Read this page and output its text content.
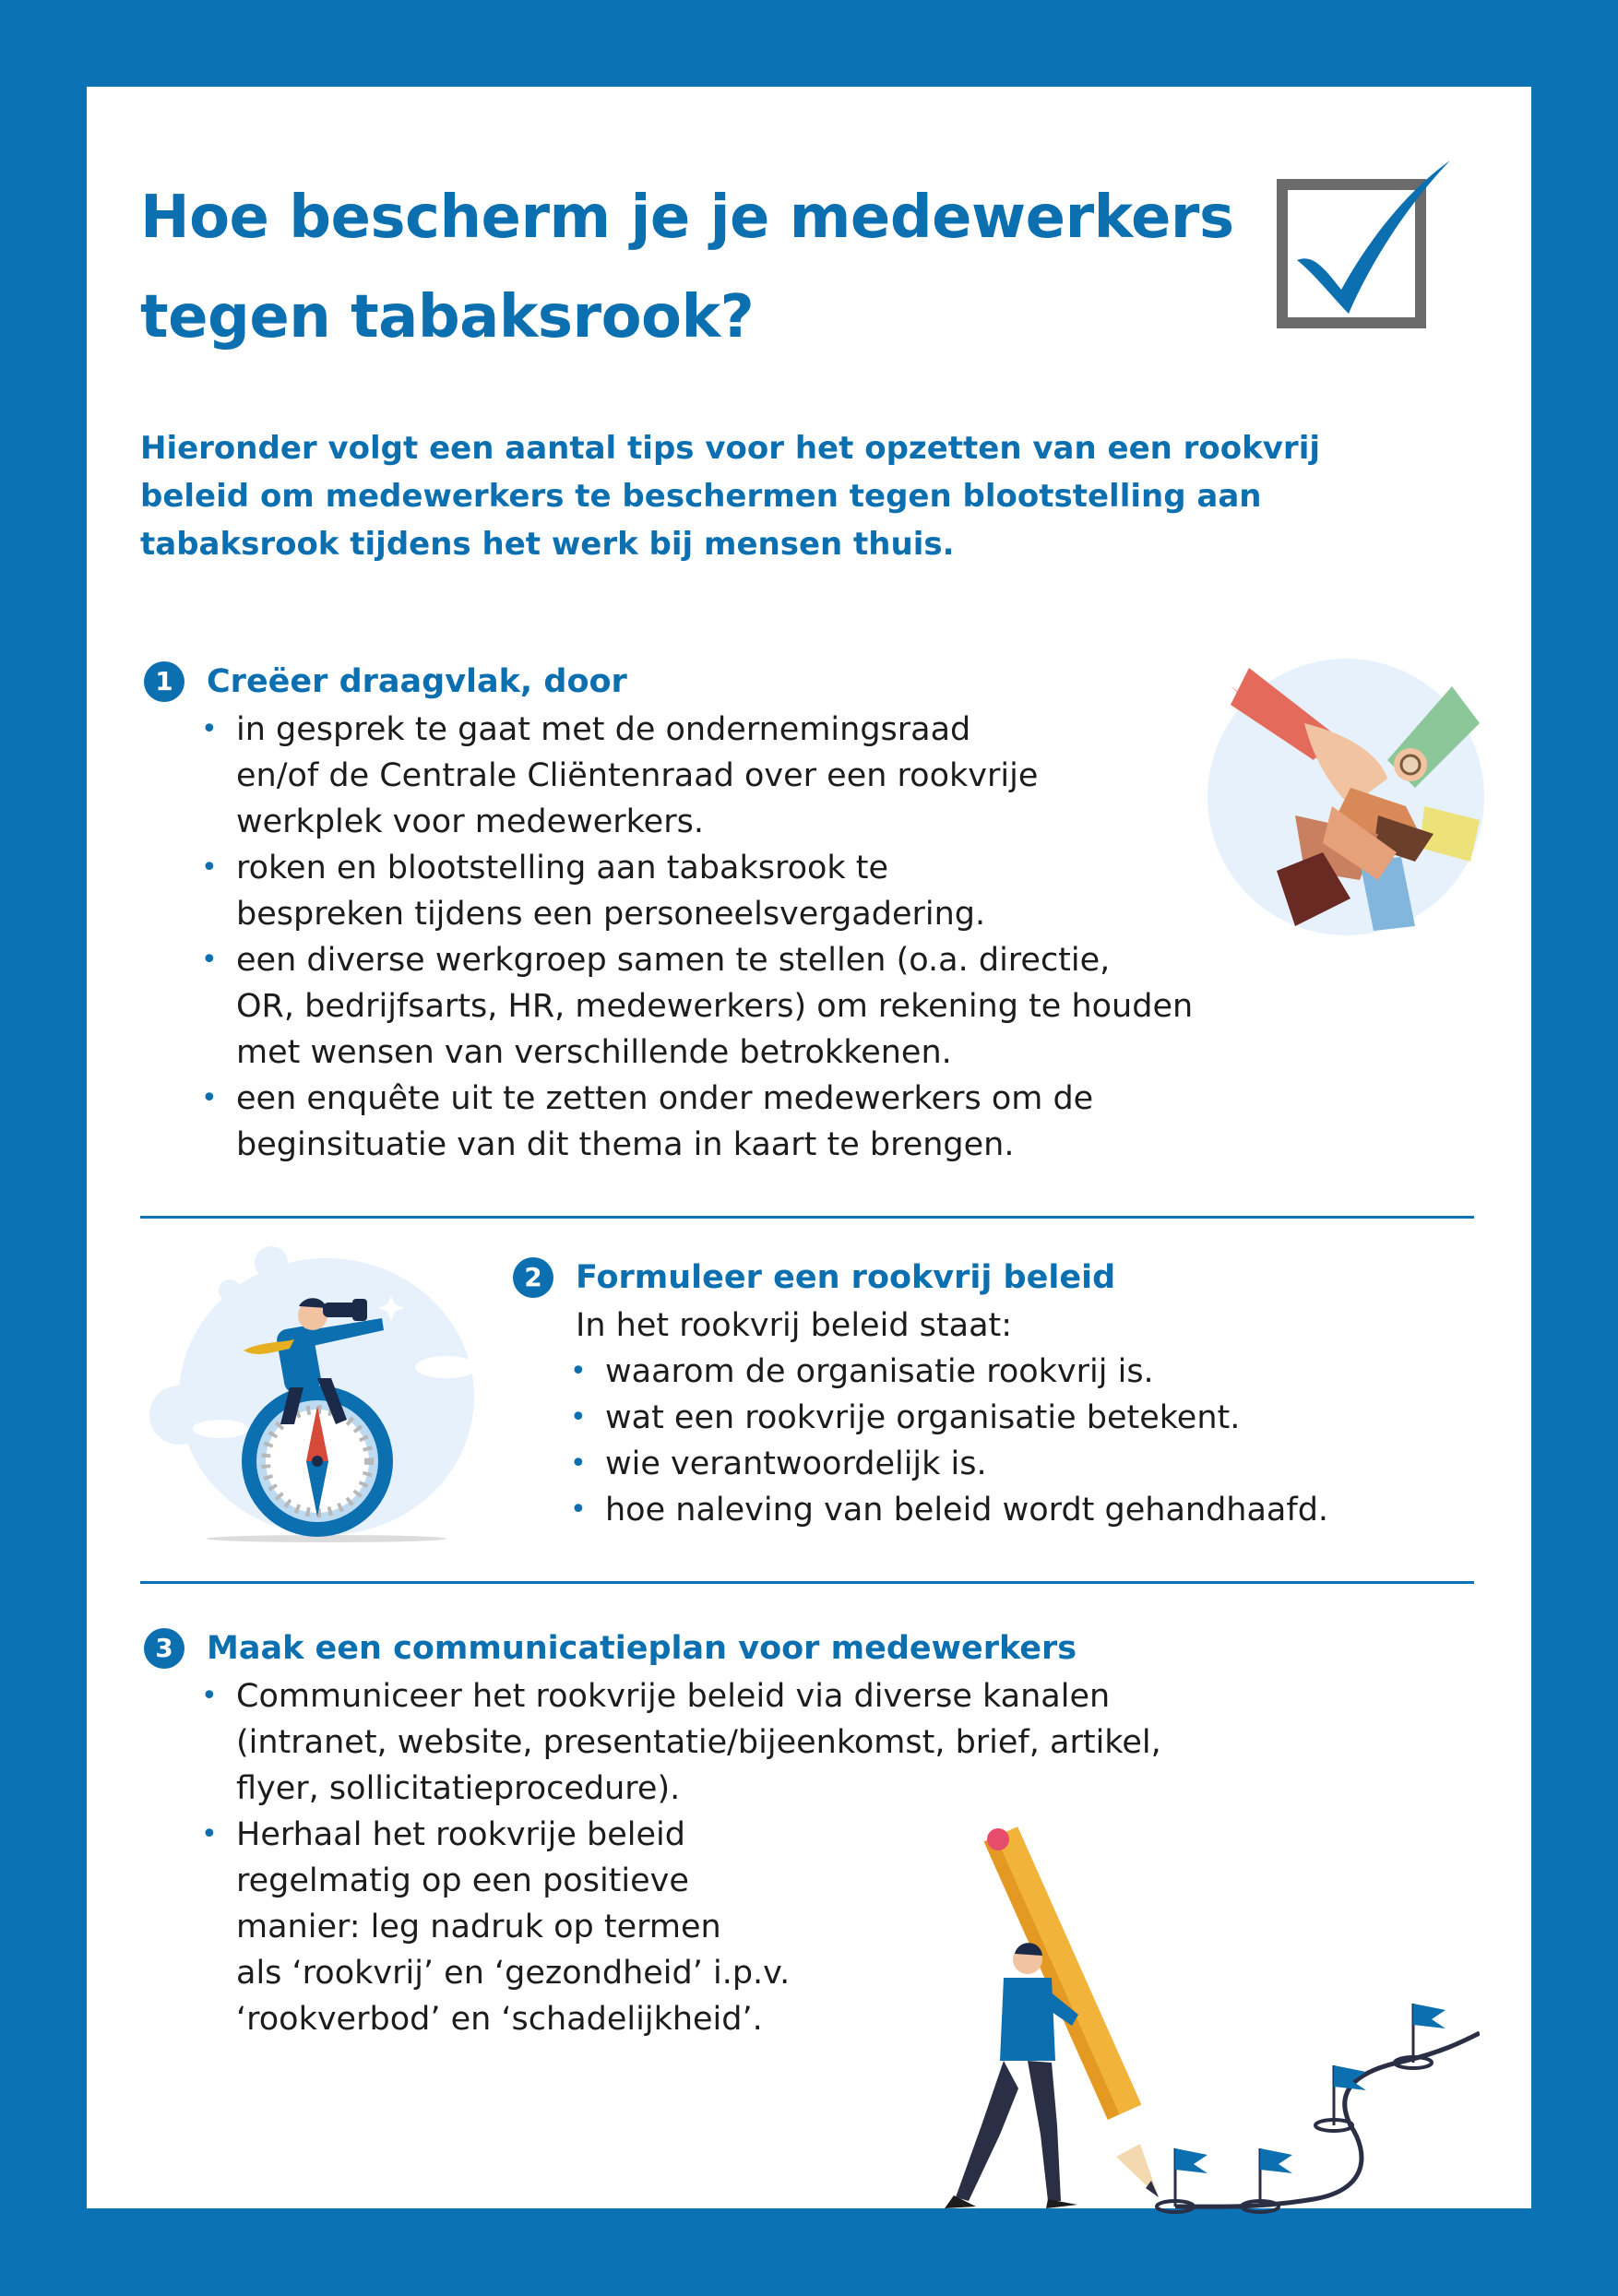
Hoe bescherm je je medewerkers
tegen tabaksrook?
Hieronder volgt een aantal tips voor het opzetten van een rookvrij
beleid om medewerkers te beschermen tegen blootstelling aan
tabaksrook tijdens het werk bij mensen thuis.
1	Creëer draagvlak, door
• in gesprek te gaat met de ondernemingsraad
en/of de Centrale Cliëntenraad over een rookvrije
werkplek voor medewerkers.
• roken en blootstelling aan tabaksrook te
bespreken tijdens een personeelsvergadering.
• een diverse werkgroep samen te stellen (o.a. directie,
OR, bedrijfsarts, HR, medewerkers) om rekening te houden
met wensen van verschillende betrokkenen.
• een enquête uit te zetten onder medewerkers om de
beginsituatie van dit thema in kaart te brengen.
2	Formuleer een rookvrij beleid
In het rookvrij beleid staat:
• waarom de organisatie rookvrij is.
• wat een rookvrije organisatie betekent.
• wie verantwoordelijk is.
• hoe naleving van beleid wordt gehandhaafd.
3	Maak een communicatieplan voor medewerkers
• Communiceer het rookvrije beleid via diverse kanalen
(intranet, website, presentatie/bijeenkomst, brief, artikel,
flyer, sollicitatieprocedure).
• Herhaal het rookvrije beleid
regelmatig op een positieve
manier: leg nadruk op termen
als ‘rookvrij’ en ‘gezondheid’ i.p.v.
‘rookverbod’ en ‘schadelijkheid’.
